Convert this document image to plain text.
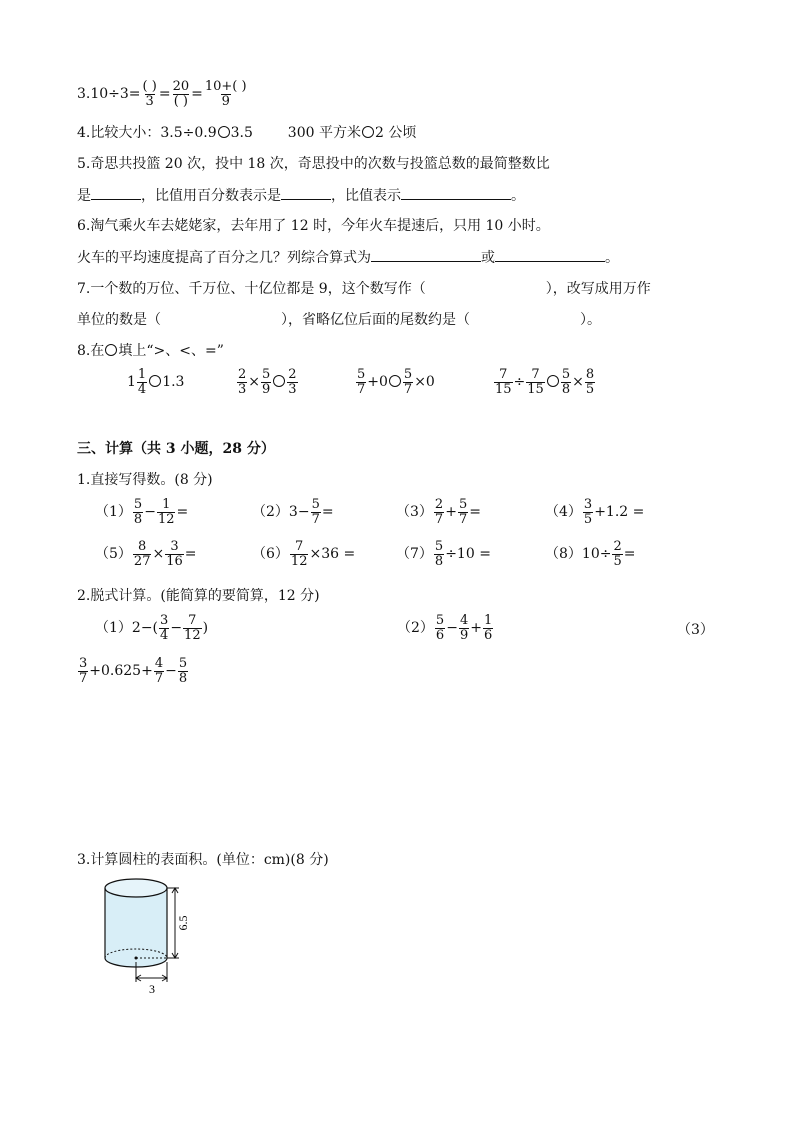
$3.10\div 3= \frac{( )}{3} = \frac{20}{( )} = \frac{10+( )}{9}$
4.比较大小：3.5÷0.9 3.5 300 平方米 2 公顷
5.奇思共投篮 20 次，投中 18 次，奇思投中的次数与投篮总数的最简整数比
是	，比值用百分数表示是	，比值表示	。
6.淘气乘火车去姥姥家，去年用了 12 时，今年火车提速后，只用 10 小时。
火车的平均速度提高了百分之几？列综合算式为	或	。
7.一个数的万位、千万位、十亿位都是 9，这个数写作（	），改写成用万作
单位的数是（	），省略亿位后面的尾数约是（	）。
8.在 填上“>、<、=”
$1 \frac{1}{4} 1.3$	$\frac{2}{3} \times \frac{5}{9} \frac{2}{3}$	$\frac{5}{7} +0 \frac{5}{7} \times 0$	$\frac{7}{15} \div \frac{7}{15} \frac{5}{8} \times \frac{8}{5}$
三、计算（共 3 小题，28 分）
1.直接写得数。(8 分)
$(1) \frac{5}{8} - \frac{1}{12}$ =	$(2)3- \frac{5}{7}$ =	$(3) \frac{2}{7} + \frac{5}{7}$ =	$(4) \frac{3}{5} +1.2$ =
$(5) \frac{8}{27} \times \frac{3}{16}$ =	$(6) \frac{7}{12} \times 36$ =	$(7) \frac{5}{8} \div 10$ =	$(8)10\div \frac{2}{5}$ =
2.脱式计算。(能简算的要简算，12 分)
$(1)2-( \frac{3}{4} - \frac{7}{12}$ )	$(2) \frac{5}{6} - \frac{4}{9} + \frac{1}{6}$	（3）
$\frac{3}{7} +0.625+ \frac{4}{7} - \frac{5}{8}$
3.计算圆柱的表面积。(单位：cm)(8 分)
6.5
3
